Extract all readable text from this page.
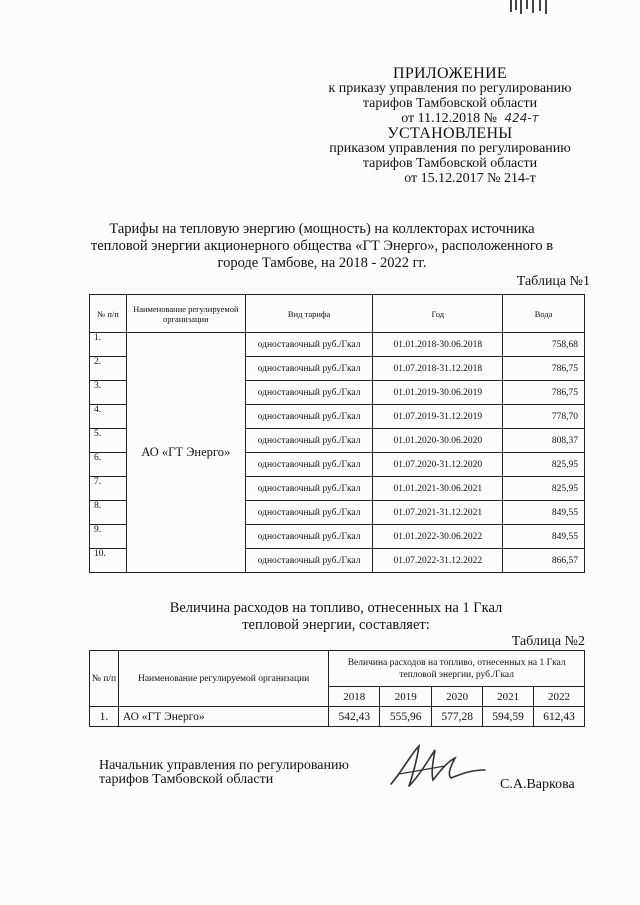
ПРИЛОЖЕНИЕ
к приказу управления по регулированию
тарифов Тамбовской области
от 11.12.2018 № 424-т
УСТАНОВЛЕНЫ
приказом управления по регулированию
тарифов Тамбовской области
от 15.12.2017 № 214-т
Тарифы на тепловую энергию (мощность) на коллекторах источника
тепловой энергии акционерного общества «ГТ Энерго», расположенного в
городе Тамбове, на 2018 - 2022 гг.
Таблица №1
№ п/п	Наименование регулируемой организации	Вид тарифа	Год	Вода
1.	АО «ГТ Энерго»	одноставочный руб./Гкал	01.01.2018-30.06.2018	758,68
2.		одноставочный руб./Гкал	01.07.2018-31.12.2018	786,75
3.		одноставочный руб./Гкал	01.01.2019-30.06.2019	786,75
4.		одноставочный руб./Гкал	01.07.2019-31.12.2019	778,70
5.		одноставочный руб./Гкал	01.01.2020-30.06.2020	808,37
6.		одноставочный руб./Гкал	01.07.2020-31.12.2020	825,95
7.		одноставочный руб./Гкал	01.01.2021-30.06.2021	825,95
8.		одноставочный руб./Гкал	01.07.2021-31.12.2021	849,55
9.		одноставочный руб./Гкал	01.01.2022-30.06.2022	849,55
10.		одноставочный руб./Гкал	01.07.2022-31.12.2022	866,57
Величина расходов на топливо, отнесенных на 1 Гкал
тепловой энергии, составляет:
Таблица №2
№ п/п	Наименование регулируемой организации	Величина расходов на топливо, отнесенных на 1 Гкал тепловой энергии, руб./Гкал				
		2018	2019	2020	2021	2022
1.	АО «ГТ Энерго»	542,43	555,96	577,28	594,59	612,43
Начальник управления по регулированию
тарифов Тамбовской области	С.А.Варкова
